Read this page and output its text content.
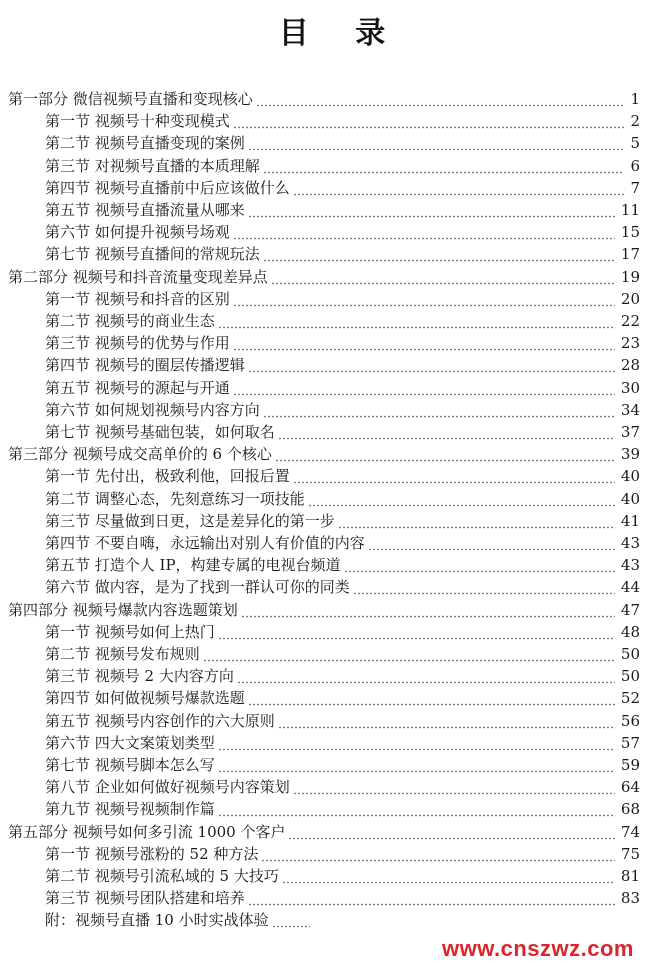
目 录
第一部分 微信视频号直播和变现核心	1
第一节 视频号十种变现模式	2
第二节 视频号直播变现的案例	5
第三节 对视频号直播的本质理解	6
第四节 视频号直播前中后应该做什么	7
第五节 视频号直播流量从哪来	11
第六节 如何提升视频号场观	15
第七节 视频号直播间的常规玩法	17
第二部分 视频号和抖音流量变现差异点	19
第一节 视频号和抖音的区别	20
第二节 视频号的商业生态	22
第三节 视频号的优势与作用	23
第四节 视频号的圈层传播逻辑	28
第五节 视频号的源起与开通	30
第六节 如何规划视频号内容方向	34
第七节 视频号基础包装，如何取名	37
第三部分 视频号成交高单价的 6 个核心	39
第一节 先付出，极致利他，回报后置	40
第二节 调整心态，先刻意练习一项技能	40
第三节 尽量做到日更，这是差异化的第一步	41
第四节 不要自嗨，永远输出对别人有价值的内容	43
第五节 打造个人 IP，构建专属的电视台频道	43
第六节 做内容，是为了找到一群认可你的同类	44
第四部分 视频号爆款内容选题策划	47
第一节 视频号如何上热门	48
第二节 视频号发布规则	50
第三节 视频号 2 大内容方向	50
第四节 如何做视频号爆款选题	52
第五节 视频号内容创作的六大原则	56
第六节 四大文案策划类型	57
第七节 视频号脚本怎么写	59
第八节 企业如何做好视频号内容策划	64
第九节 视频号视频制作篇	68
第五部分 视频号如何多引流 1000 个客户	74
第一节 视频号涨粉的 52 种方法	75
第二节 视频号引流私域的 5 大技巧	81
第三节 视频号团队搭建和培养	83
附：视频号直播 10 小时实战体验
www.cnszwz.com
